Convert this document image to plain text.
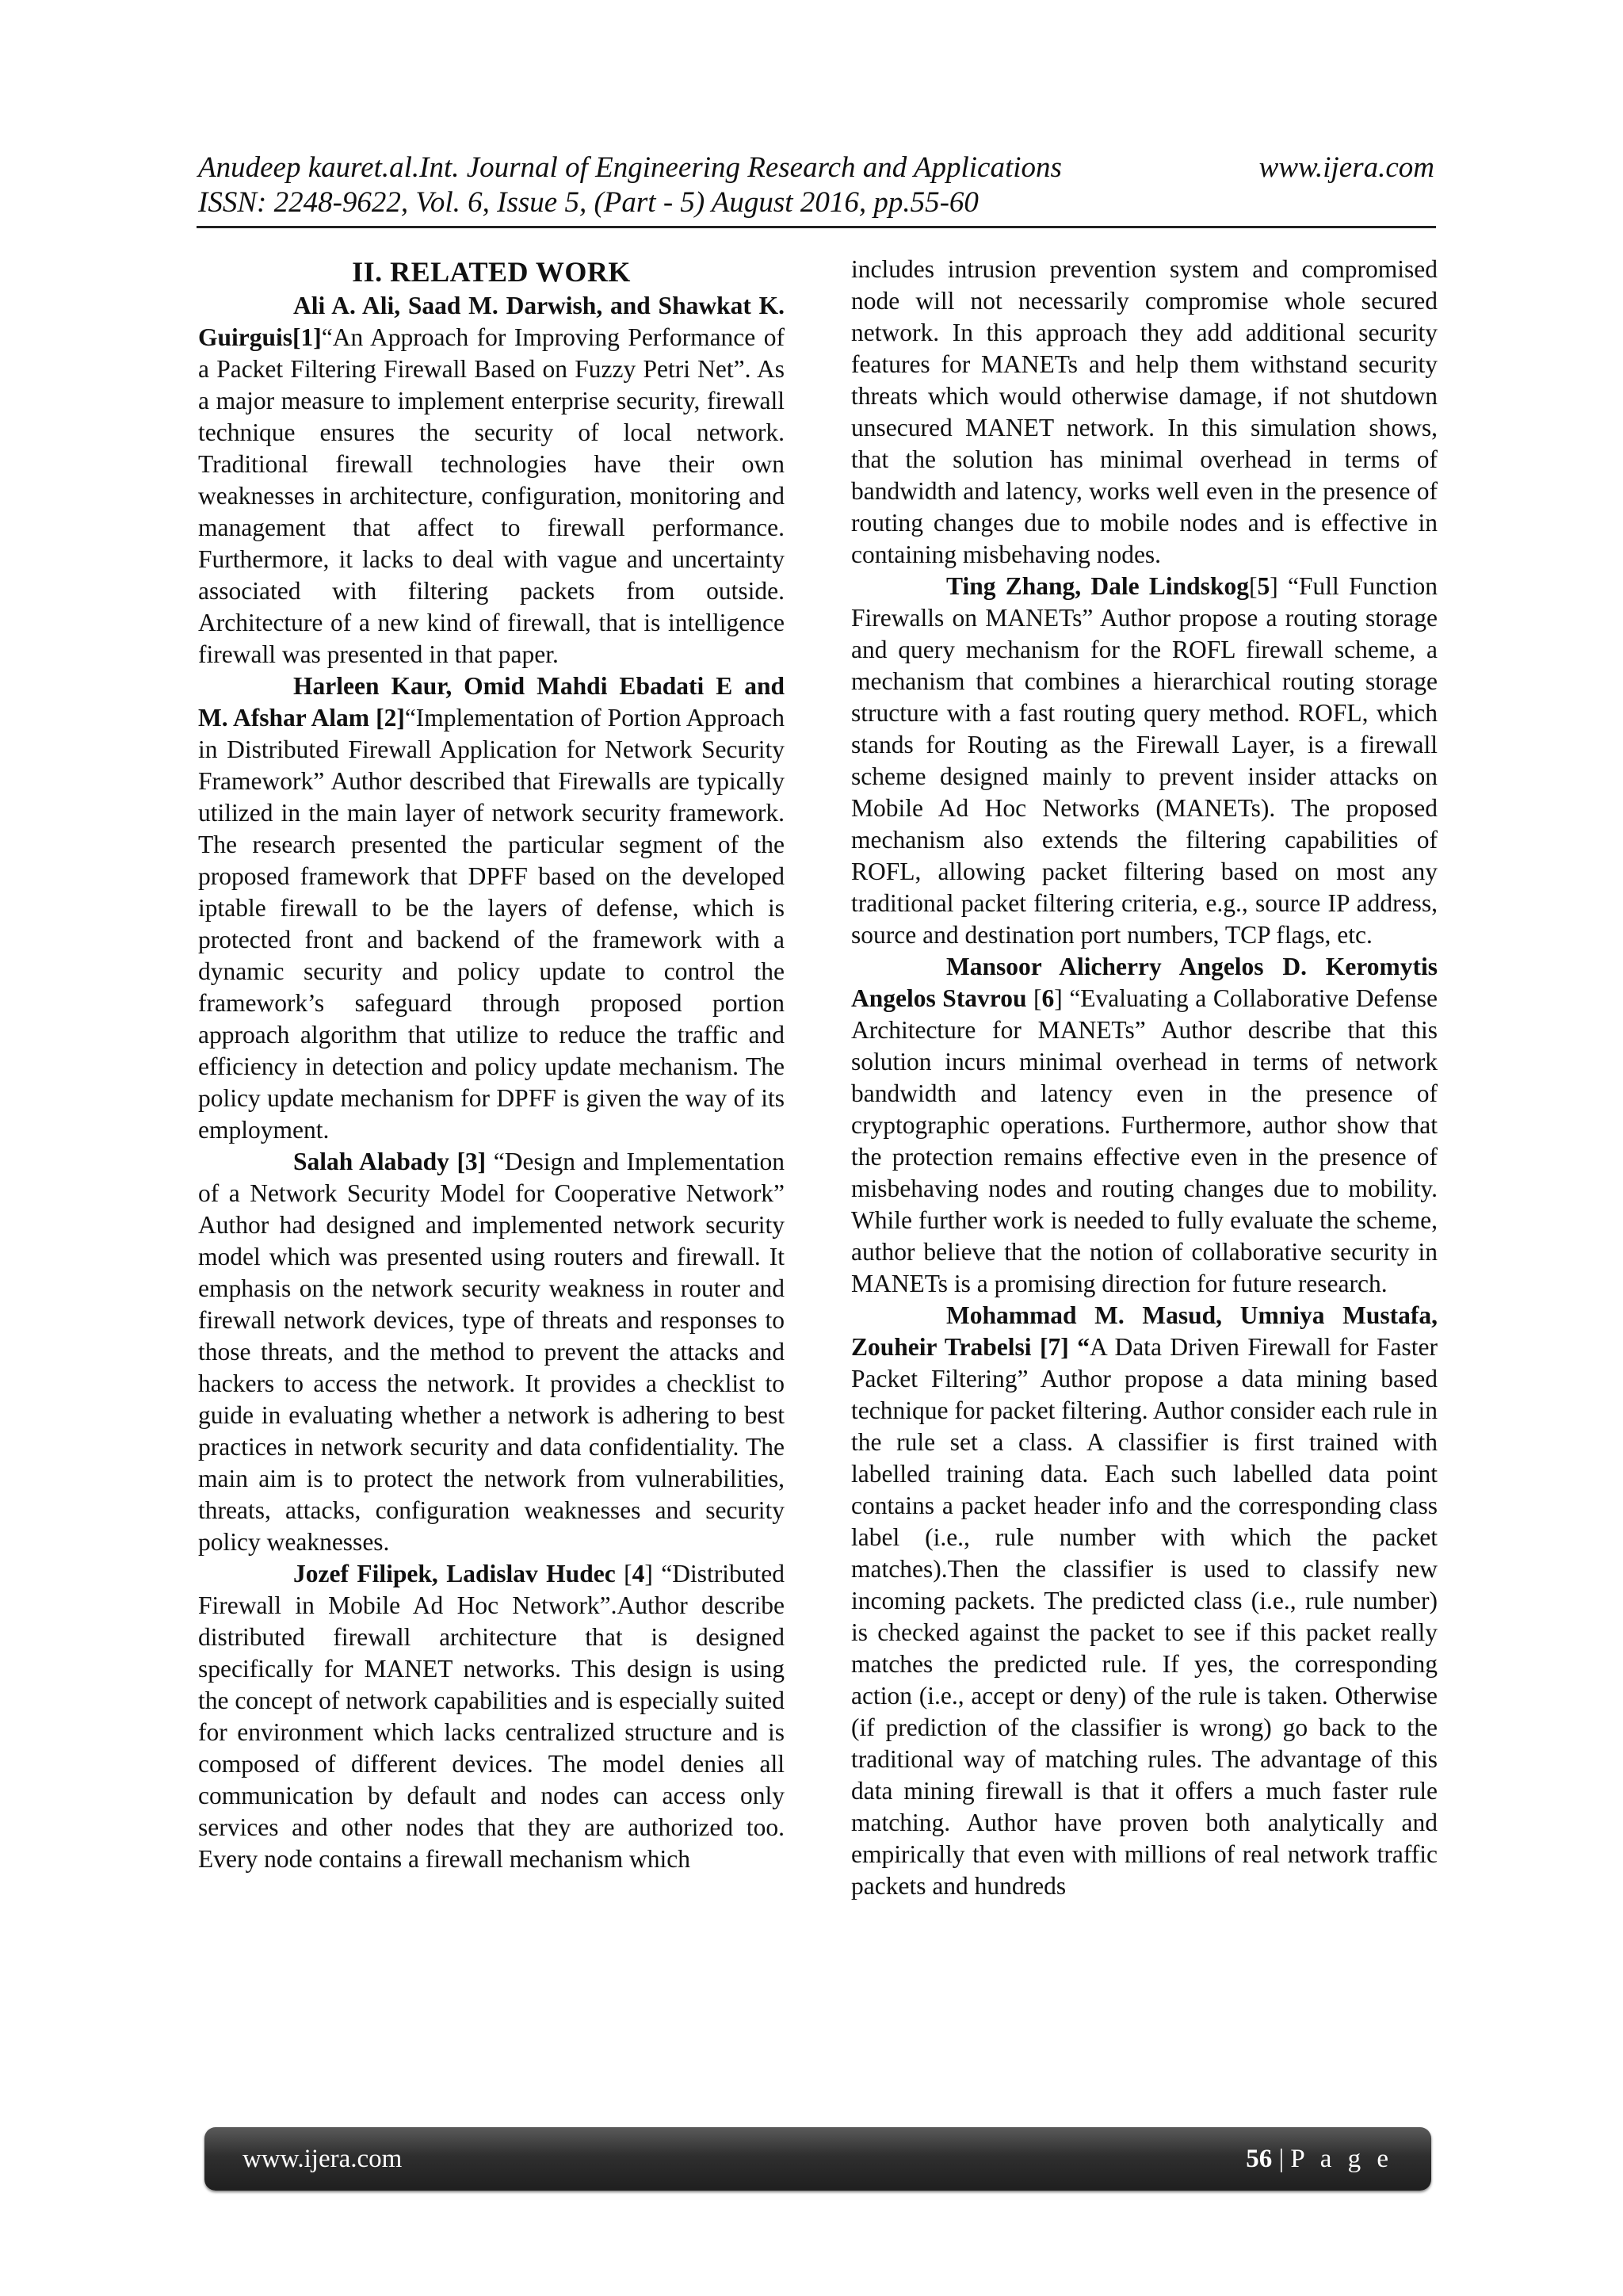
Anudeep kauret.al.Int. Journal of Engineering Research and Applications	www.ijera.com
ISSN: 2248-9622, Vol. 6, Issue 5, (Part - 5) August 2016, pp.55-60

II. RELATED WORK

Ali A. Ali, Saad M. Darwish, and Shawkat K. Guirguis[1]“An Approach for Improving Performance of a Packet Filtering Firewall Based on Fuzzy Petri Net”. As a major measure to implement enterprise security, firewall technique ensures the security of local network. Traditional firewall technologies have their own weaknesses in architecture, configuration, monitoring and management that affect to firewall performance. Furthermore, it lacks to deal with vague and uncertainty associated with filtering packets from outside. Architecture of a new kind of firewall, that is intelligence firewall was presented in that paper.

Harleen Kaur, Omid Mahdi Ebadati E and M. Afshar Alam [2]“Implementation of Portion Approach in Distributed Firewall Application for Network Security Framework” Author described that Firewalls are typically utilized in the main layer of network security framework. The research presented the particular segment of the proposed framework that DPFF based on the developed iptable firewall to be the layers of defense, which is protected front and backend of the framework with a dynamic security and policy update to control the framework’s safeguard through proposed portion approach algorithm that utilize to reduce the traffic and efficiency in detection and policy update mechanism. The policy update mechanism for DPFF is given the way of its employment.

Salah Alabady [3] “Design and Implementation of a Network Security Model for Cooperative Network” Author had designed and implemented network security model which was presented using routers and firewall. It emphasis on the network security weakness in router and firewall network devices, type of threats and responses to those threats, and the method to prevent the attacks and hackers to access the network. It provides a checklist to guide in evaluating whether a network is adhering to best practices in network security and data confidentiality. The main aim is to protect the network from vulnerabilities, threats, attacks, configuration weaknesses and security policy weaknesses.

Jozef Filipek, Ladislav Hudec [4] “Distributed Firewall in Mobile Ad Hoc Network”.Author describe distributed firewall architecture that is designed specifically for MANET networks. This design is using the concept of network capabilities and is especially suited for environment which lacks centralized structure and is composed of different devices. The model denies all communication by default and nodes can access only services and other nodes that they are authorized too. Every node contains a firewall mechanism which

includes intrusion prevention system and compromised node will not necessarily compromise whole secured network. In this approach they add additional security features for MANETs and help them withstand security threats which would otherwise damage, if not shutdown unsecured MANET network. In this simulation shows, that the solution has minimal overhead in terms of bandwidth and latency, works well even in the presence of routing changes due to mobile nodes and is effective in containing misbehaving nodes.

Ting Zhang, Dale Lindskog[5] “Full Function Firewalls on MANETs” Author propose a routing storage and query mechanism for the ROFL firewall scheme, a mechanism that combines a hierarchical routing storage structure with a fast routing query method. ROFL, which stands for Routing as the Firewall Layer, is a firewall scheme designed mainly to prevent insider attacks on Mobile Ad Hoc Networks (MANETs). The proposed mechanism also extends the filtering capabilities of ROFL, allowing packet filtering based on most any traditional packet filtering criteria, e.g., source IP address, source and destination port numbers, TCP flags, etc.

Mansoor Alicherry Angelos D. Keromytis Angelos Stavrou [6] “Evaluating a Collaborative Defense Architecture for MANETs” Author describe that this solution incurs minimal overhead in terms of network bandwidth and latency even in the presence of cryptographic operations. Furthermore, author show that the protection remains effective even in the presence of misbehaving nodes and routing changes due to mobility. While further work is needed to fully evaluate the scheme, author believe that the notion of collaborative security in MANETs is a promising direction for future research.

Mohammad M. Masud, Umniya Mustafa, Zouheir Trabelsi [7] “A Data Driven Firewall for Faster Packet Filtering” Author propose a data mining based technique for packet filtering. Author consider each rule in the rule set a class. A classifier is first trained with labelled training data. Each such labelled data point contains a packet header info and the corresponding class label (i.e., rule number with which the packet matches).Then the classifier is used to classify new incoming packets. The predicted class (i.e., rule number) is checked against the packet to see if this packet really matches the predicted rule. If yes, the corresponding action (i.e., accept or deny) of the rule is taken. Otherwise (if prediction of the classifier is wrong) go back to the traditional way of matching rules. The advantage of this data mining firewall is that it offers a much faster rule matching. Author have proven both analytically and empirically that even with millions of real network traffic packets and hundreds

www.ijera.com	56 | P a g e
